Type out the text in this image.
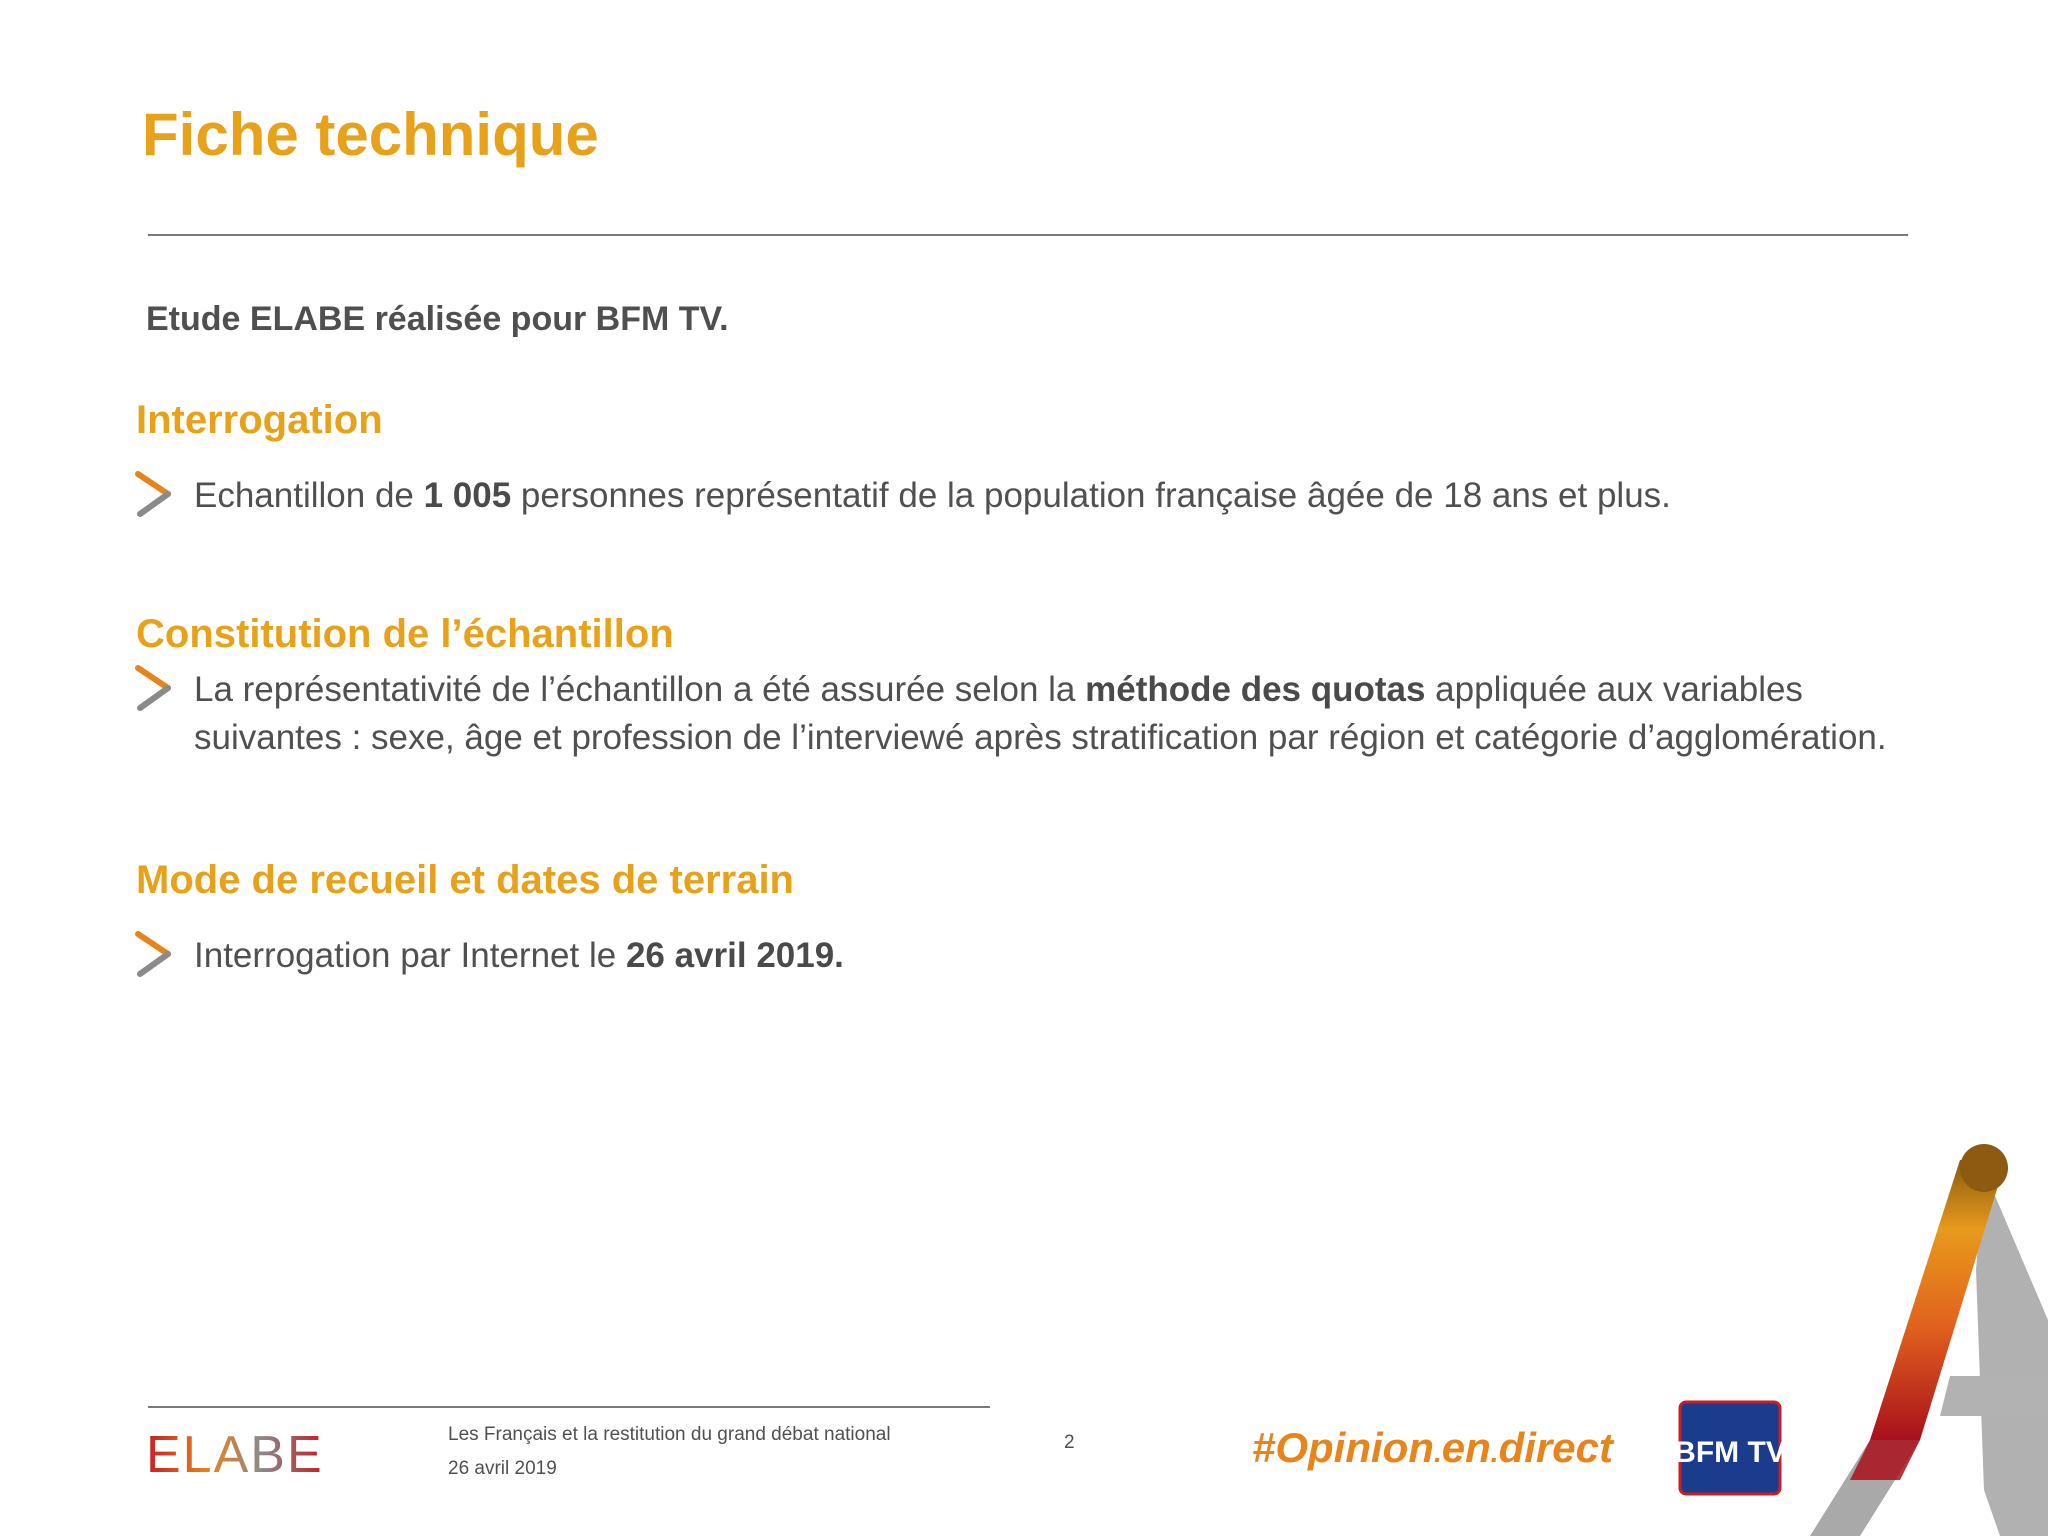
Fiche technique
Etude ELABE réalisée pour BFM TV.
Interrogation
Echantillon de 1 005 personnes représentatif de la population française âgée de 18 ans et plus.
Constitution de l’échantillon
La représentativité de l’échantillon a été assurée selon la méthode des quotas appliquée aux variables suivantes : sexe, âge et profession de l’interviewé après stratification par région et catégorie d’agglomération.
Mode de recueil et dates de terrain
Interrogation par Internet le 26 avril 2019.
ELABE	Les Français et la restitution du grand débat national
26 avril 2019
2	#Opinion.en.direct BFM TV
